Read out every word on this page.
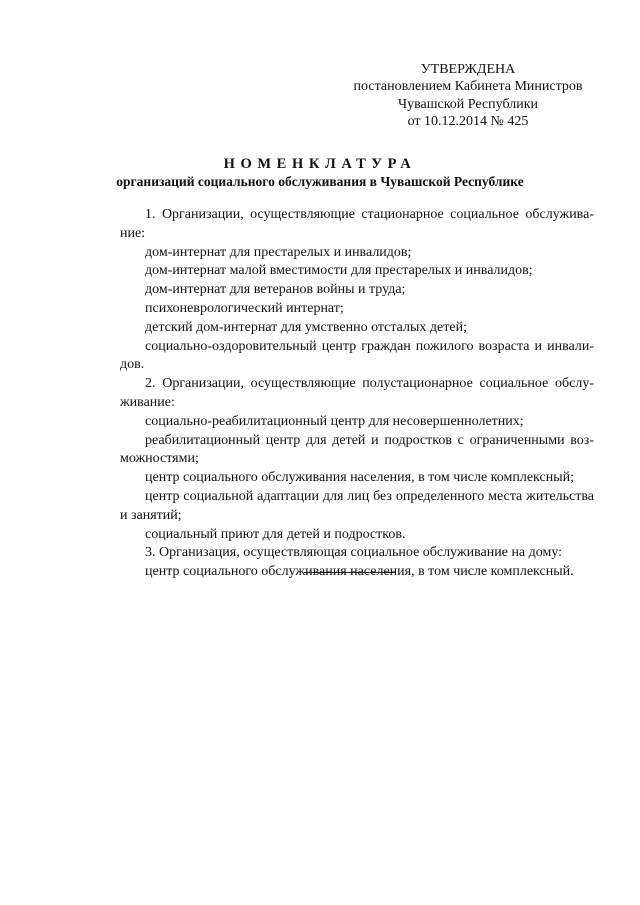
УТВЕРЖДЕНА
постановлением Кабинета Министров
Чувашской Республики
от 10.12.2014 № 425
НОМЕНКЛАТУРА
организаций социального обслуживания в Чувашской Республике

1. Организации, осуществляющие стационарное социальное обслуживание:

дом-интернат для престарелых и инвалидов;

дом-интернат малой вместимости для престарелых и инвалидов;

дом-интернат для ветеранов войны и труда;

психоневрологический интернат;

детский дом-интернат для умственно отсталых детей;

социально-оздоровительный центр граждан пожилого возраста и инвалидов.

2. Организации, осуществляющие полустационарное социальное обслуживание:

социально-реабилитационный центр для несовершеннолетних;

реабилитационный центр для детей и подростков с ограниченными возможностями;

центр социального обслуживания населения, в том числе комплексный;

центр социальной адаптации для лиц без определенного места жительства и занятий;

социальный приют для детей и подростков.

3. Организация, осуществляющая социальное обслуживание на дому:

центр социального обслуживания населения, в том числе комплексный.
